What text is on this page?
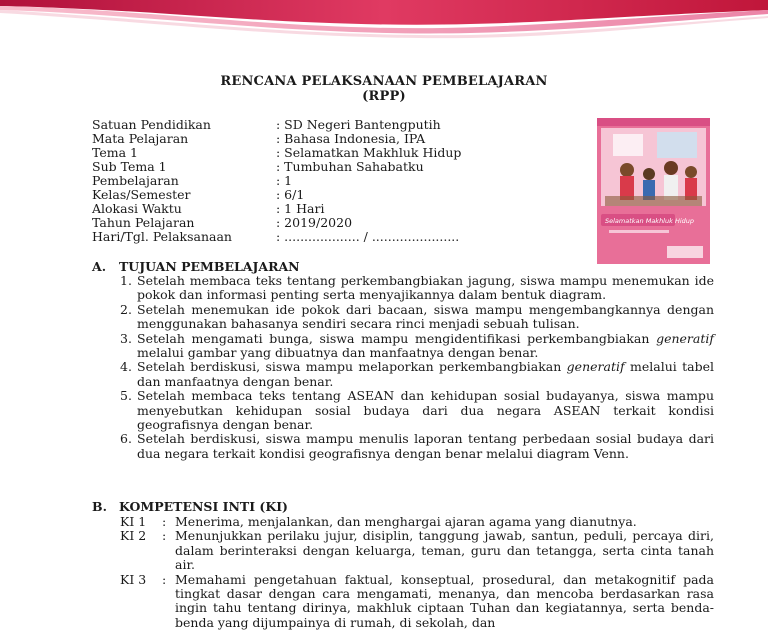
RENCANA PELAKSANAAN PEMBELAJARAN
(RPP)
Satuan Pendidikan	: SD Negeri Bantengputih
Mata Pelajaran	: Bahasa Indonesia, IPA
Tema 1	: Selamatkan Makhluk Hidup
Sub Tema 1	: Tumbuhan Sahabatku
Pembelajaran	: 1
Kelas/Semester	: 6/1
Alokasi Waktu	: 1 Hari
Tahun Pelajaran	: 2019/2020
Hari/Tgl. Pelaksanaan	: ................... / ......................
Selamatkan Makhluk Hidup
A. TUJUAN PEMBELAJARAN
1. Setelah membaca teks tentang perkembangbiakan jagung, siswa mampu menemukan ide pokok dan informasi penting serta menyajikannya dalam bentuk diagram.
2. Setelah menemukan ide pokok dari bacaan, siswa mampu mengembangkannya dengan menggunakan bahasanya sendiri secara rinci menjadi sebuah tulisan.
3. Setelah mengamati bunga, siswa mampu mengidentifikasi perkembangbiakan generatif melalui gambar yang dibuatnya dan manfaatnya dengan benar.
4. Setelah berdiskusi, siswa mampu melaporkan perkembangbiakan generatif melalui tabel dan manfaatnya dengan benar.
5. Setelah membaca teks tentang ASEAN dan kehidupan sosial budayanya, siswa mampu menyebutkan kehidupan sosial budaya dari dua negara ASEAN terkait kondisi geografisnya dengan benar.
6. Setelah berdiskusi, siswa mampu menulis laporan tentang perbedaan sosial budaya dari dua negara terkait kondisi geografisnya dengan benar melalui diagram Venn.
B. KOMPETENSI INTI (KI)
KI 1	: Menerima, menjalankan, dan menghargai ajaran agama yang dianutnya.
KI 2	: Menunjukkan perilaku jujur, disiplin, tanggung jawab, santun, peduli, percaya diri, dalam berinteraksi dengan keluarga, teman, guru dan tetangga, serta cinta tanah air.
KI 3	: Memahami pengetahuan faktual, konseptual, prosedural, dan metakognitif pada tingkat dasar dengan cara mengamati, menanya, dan mencoba berdasarkan rasa ingin tahu tentang dirinya, makhluk ciptaan Tuhan dan kegiatannya, serta benda-benda yang dijumpainya di rumah, di sekolah, dan
